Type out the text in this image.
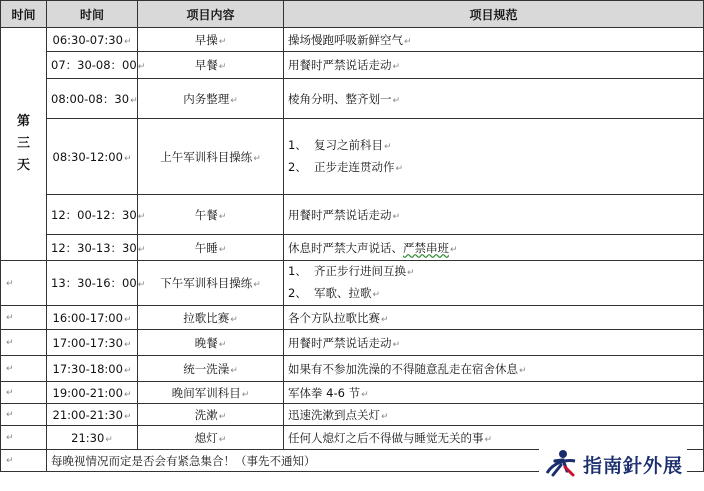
时间	时间	项目内容	项目规范

第
三
天	06:30-07:30↵	早操↵	操场慢跑呼吸新鲜空气↵
	07：30-08：00↵	早餐↵	用餐时严禁说话走动↵
	08:00-08：30↵	内务整理↵	棱角分明、整齐划一↵
	08:30-12:00↵	上午军训科目操练↵	1、 复习之前科目↵
2、 正步走连贯动作↵

	12：00-12：30↵	午餐↵	用餐时严禁说话走动↵
	12：30-13：30↵	午睡↵	休息时严禁大声说话、严禁串班↵
↵	13：30-16：00↵	下午军训科目操练↵	1、 齐正步行进间互换↵
2、 军歌、拉歌↵

↵	16:00-17:00↵	拉歌比赛↵	各个方队拉歌比赛↵
↵	17:00-17:30↵	晚餐↵	用餐时严禁说话走动↵
↵	17:30-18:00↵	统一洗澡↵	如果有不参加洗澡的不得随意乱走在宿舍休息↵
↵	19:00-21:00↵	晚间军训科目↵	军体拳 4-6 节↵
↵	21:00-21:30↵	洗漱↵	迅速洗漱到点关灯↵
↵	21:30↵	熄灯↵	任何人熄灯之后不得做与睡觉无关的事↵
↵	每晚视情况而定是否会有紧急集合！（事先不通知）			指南針外展
